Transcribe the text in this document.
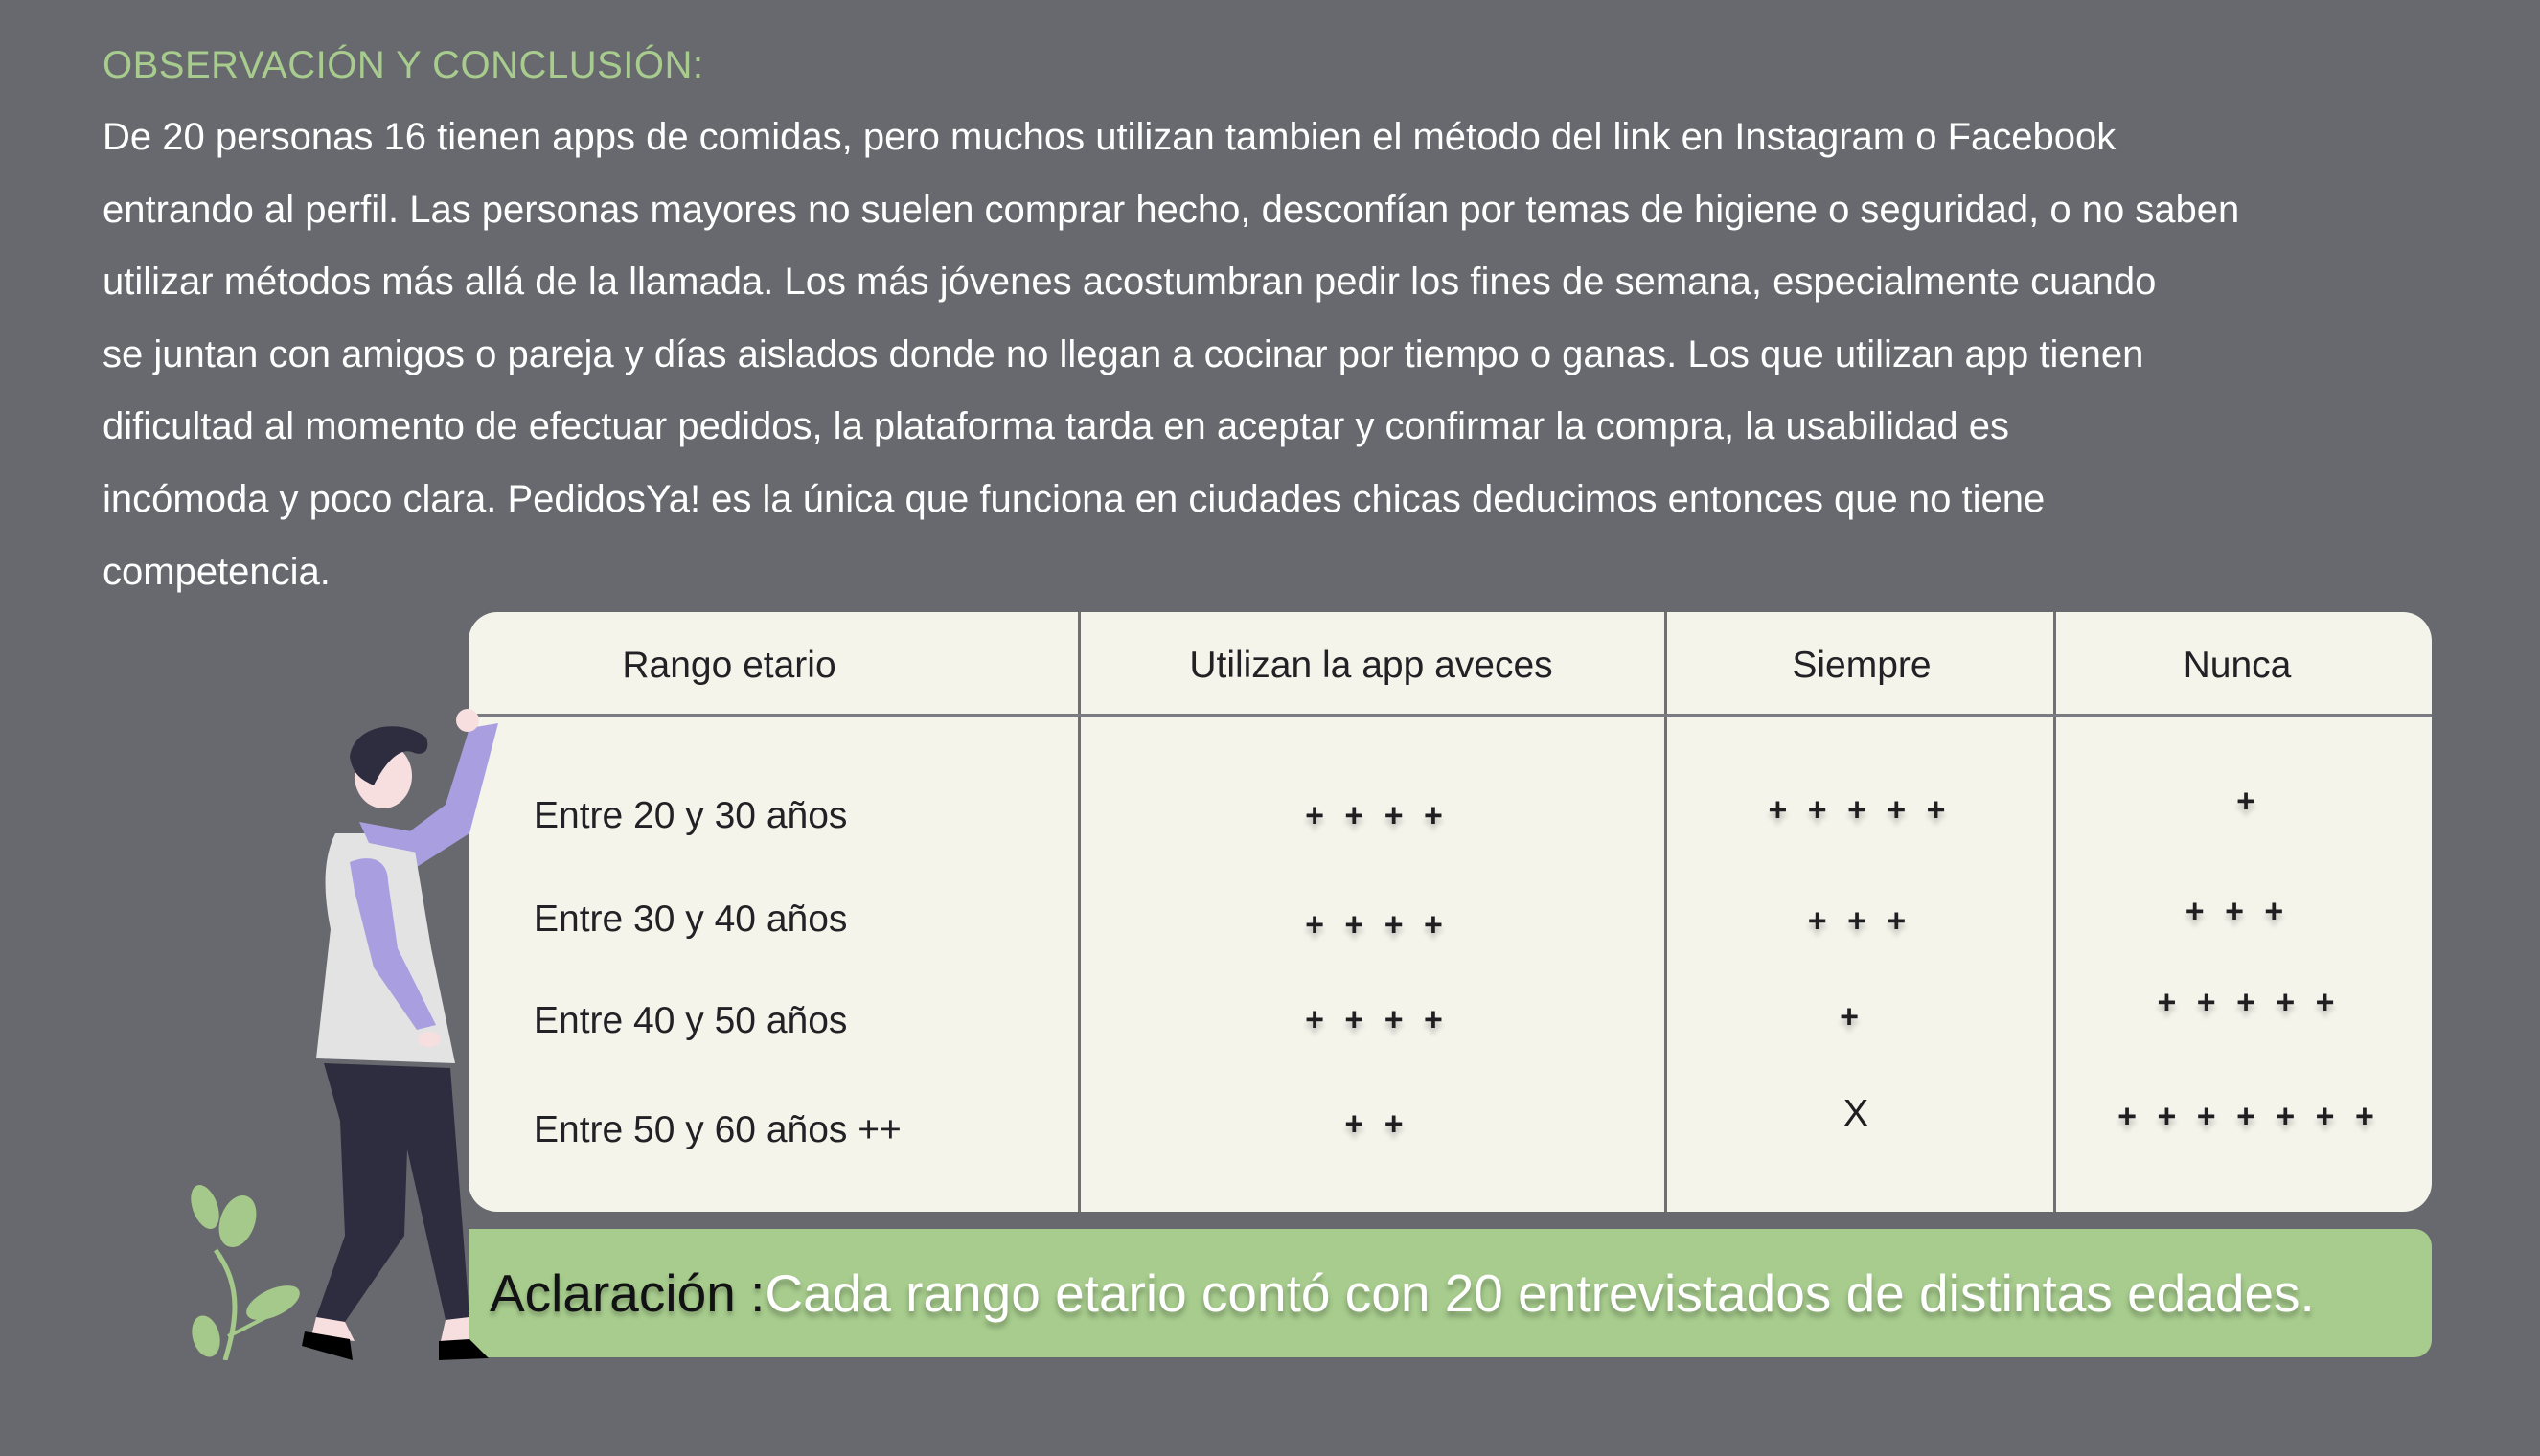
OBSERVACIÓN Y CONCLUSIÓN:
De 20 personas 16 tienen apps de comidas, pero muchos utilizan tambien el método del link en Instagram o Facebook
entrando al perfil. Las personas mayores no suelen comprar hecho, desconfían por temas de higiene o seguridad, o no saben
utilizar métodos más allá de la llamada. Los más jóvenes acostumbran pedir los fines de semana, especialmente cuando
se juntan con amigos o pareja y días aislados donde no llegan a cocinar por tiempo o ganas. Los que utilizan app tienen
dificultad al momento de efectuar pedidos, la plataforma tarda en aceptar y confirmar la compra, la usabilidad es
incómoda y poco clara. PedidosYa! es la única que funciona en ciudades chicas deducimos entonces que no tiene
competencia.
Rango etario	Utilizan la app aveces	Siempre	Nunca
Entre 20 y 30 años	+ + + +	+ + + + +	+
Entre 30 y 40 años	+ + + +	+ + +	+ + +
Entre 40 y 50 años	+ + + +	+	+ + + + +
Entre 50 y 60 años ++	+ +	X	+ + + + + + +
Aclaración : Cada rango etario contó con 20 entrevistados de distintas edades.
